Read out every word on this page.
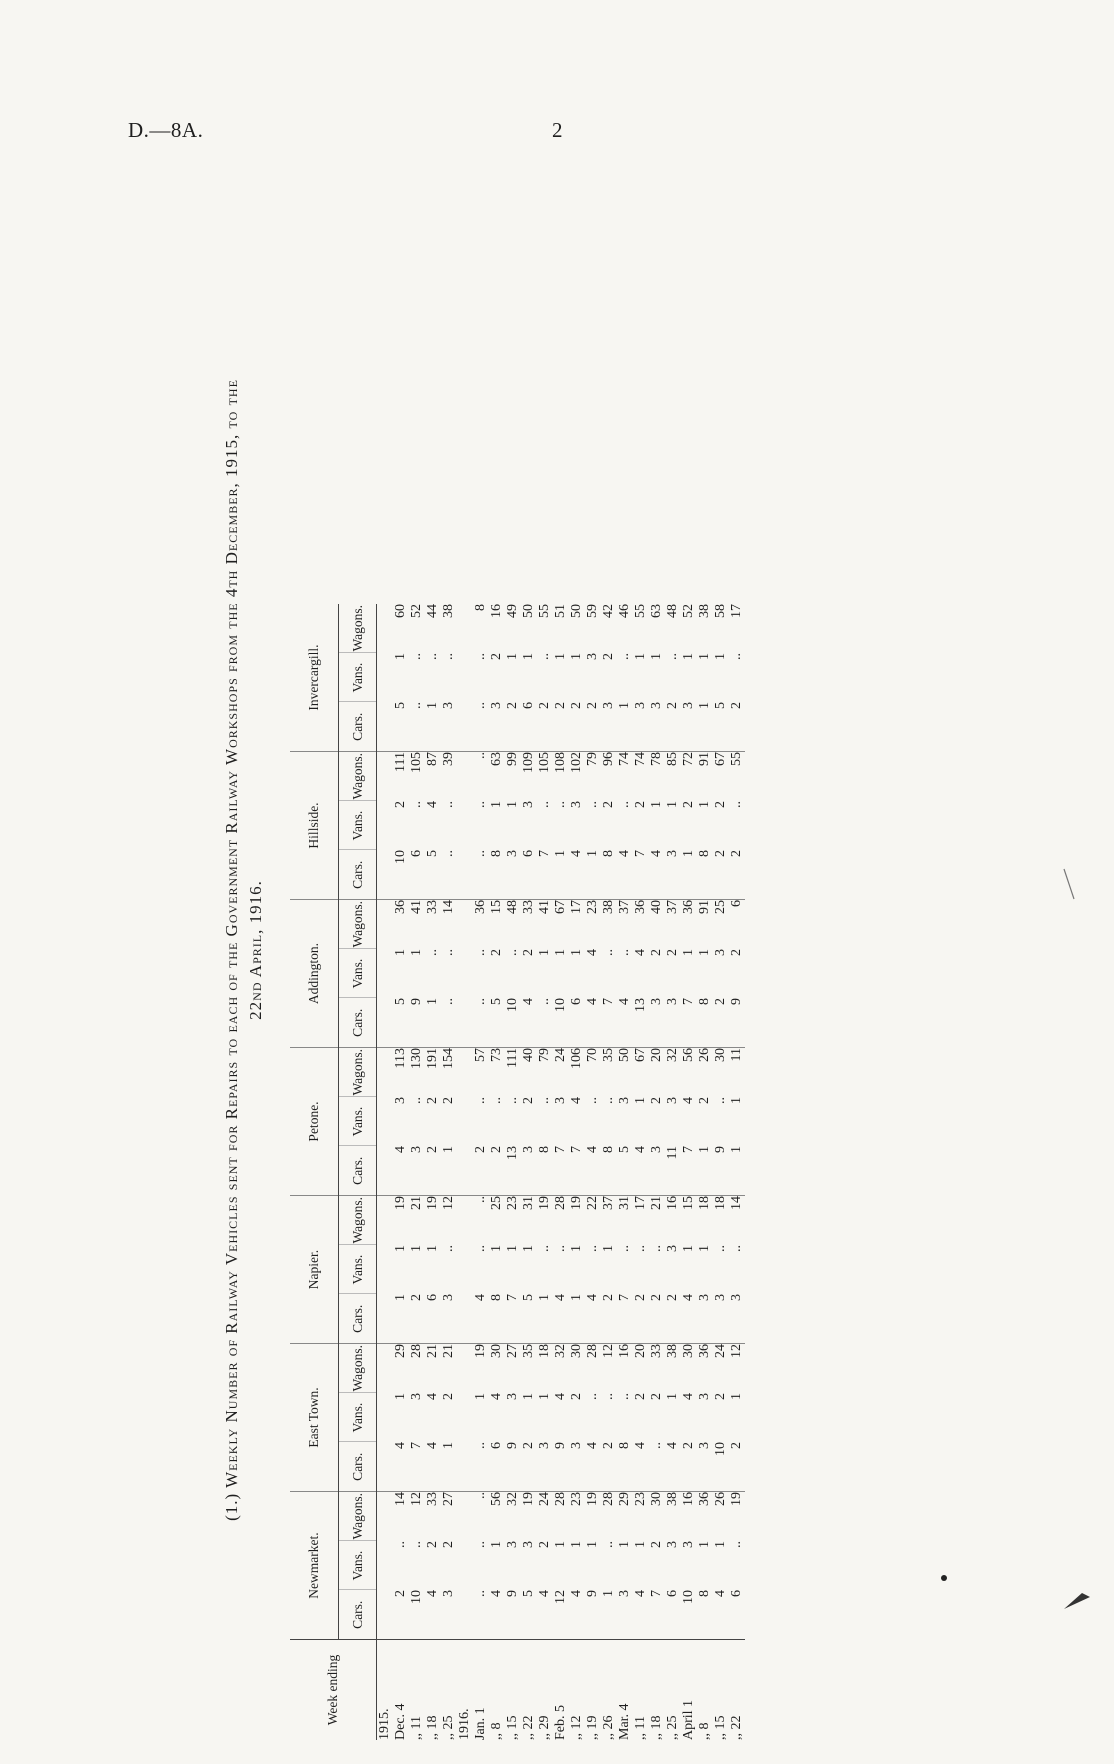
D.—8A.	2
(1.) Weekly Number of Railway Vehicles sent for Repairs to each of the Government Railway Workshops from the 4th December, 1915, to the 22nd April, 1916.
Week ending	Newmarket.			East Town.			Napier.			Petone.			Addington.			Hillside.			Invercargill.		
	Cars.	Vans.	Wagons.	Cars.	Vans.	Wagons.	Cars.	Vans.	Wagons.	Cars.	Vans.	Wagons.	Cars.	Vans.	Wagons.	Cars.	Vans.	Wagons.	Cars.	Vans.	Wagons.
1915.																					
Dec. 4	2	..	14	4	1	29	1	1	19	4	3	113	5	1	36	10	2	111	5	1	60
,, 11	10	..	12	7	3	28	2	1	21	3	..	130	9	1	41	6	..	105	..	..	52
,, 18	4	2	33	4	4	21	6	1	19	2	2	191	1	..	33	5	4	87	1	..	44
,, 25	3	2	27	1	2	21	3	..	12	1	2	154	..	..	14	..	..	39	3	..	38
1916.																					
Jan. 1	..	..	..	..	1	19	4	..	..	2	..	57	..	..	36	..	..	..	..	..	8
,, 8	4	1	56	6	4	30	8	1	25	2	..	73	5	2	15	8	1	63	3	2	16
,, 15	9	3	32	9	3	27	7	1	23	13	..	111	10	..	48	3	1	99	2	1	49
,, 22	5	3	19	2	1	35	5	1	31	3	2	40	4	2	33	6	3	109	6	1	50
,, 29	4	2	24	3	1	18	1	..	19	8	..	79	..	1	41	7	..	105	2	..	55
Feb. 5	12	1	28	9	4	32	4	..	28	7	3	24	10	1	67	1	..	108	2	1	51
,, 12	4	1	23	3	2	30	1	1	19	7	4	106	6	1	17	4	3	102	2	1	50
,, 19	9	1	19	4	..	28	4	..	22	4	..	70	4	4	23	1	..	79	2	3	59
,, 26	1	..	28	2	..	12	2	1	37	8	..	35	7	..	38	8	2	96	3	2	42
Mar. 4	3	1	29	8	..	16	7	..	31	5	3	50	4	..	37	4	..	74	1	..	46
,, 11	4	1	23	4	2	20	2	..	17	4	1	67	13	4	36	7	2	74	3	1	55
,, 18	7	2	30	..	2	33	2	..	21	3	2	20	3	2	40	4	1	78	3	1	63
,, 25	6	3	38	4	1	38	2	3	16	11	3	32	3	2	37	3	1	85	2	..	48
April 1	10	3	16	2	4	30	4	1	15	7	4	56	7	1	36	1	2	72	3	1	52
,, 8	8	1	36	3	3	36	3	1	18	1	2	26	8	1	91	8	1	91	1	1	38
,, 15	4	1	26	10	2	24	3	..	18	9	..	30	2	3	25	2	2	67	5	1	58
,, 22	6	..	19	2	1	12	3	..	14	1	1	11	9	2	6	2	..	55	2	..	17
